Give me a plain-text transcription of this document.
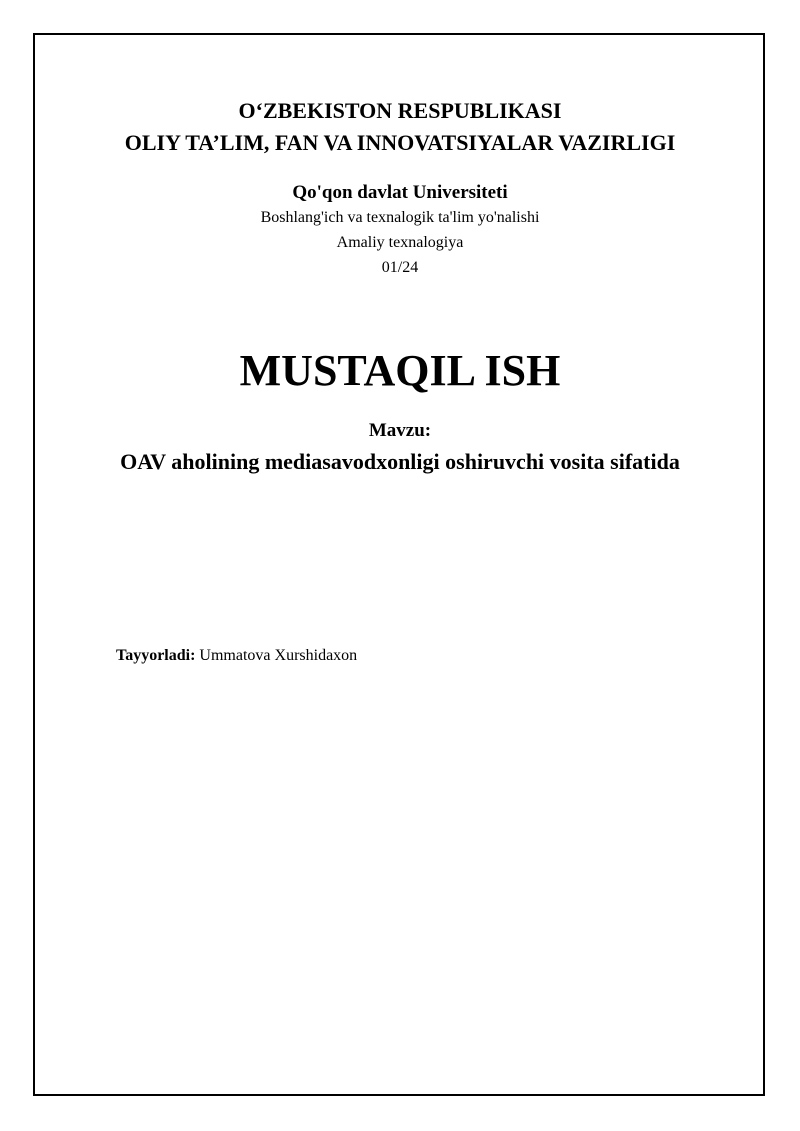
O‘ZBEKISTON RESPUBLIKASI
OLIY TA’LIM, FAN VA INNOVATSIYALAR VAZIRLIGI
Qo'qon davlat Universiteti
Boshlang'ich va texnalogik ta'lim yo'nalishi
Amaliy texnalogiya
01/24
MUSTAQIL ISH
Mavzu:
OAV aholining mediasavodxonligi oshiruvchi vosita sifatida
Tayyorladi: Ummatova Xurshidaxon
